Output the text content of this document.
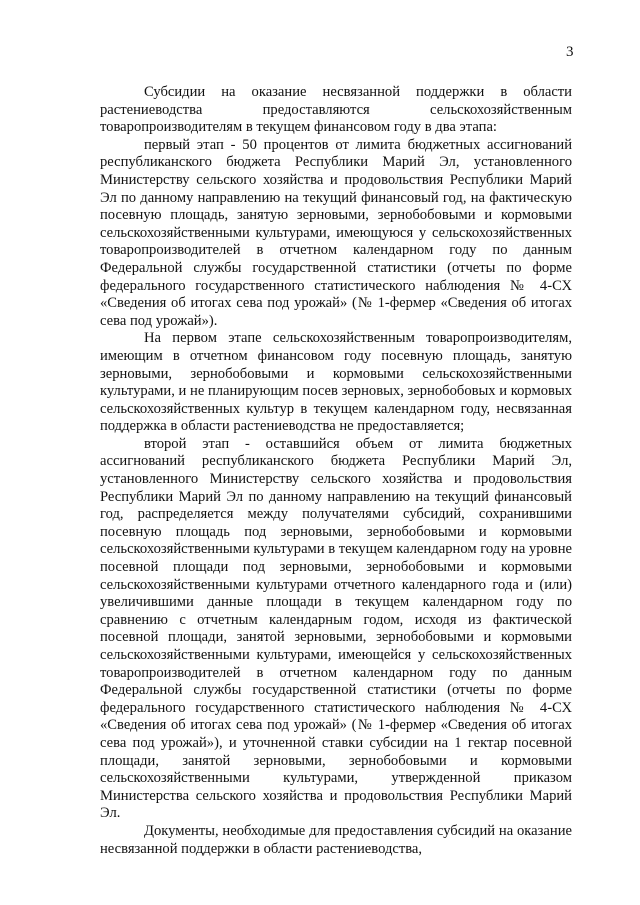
3

Субсидии на оказание несвязанной поддержки в области растениеводства предоставляются сельскохозяйственным товаропроизводителям в текущем финансовом году в два этапа:

первый этап - 50 процентов от лимита бюджетных ассигнований республиканского бюджета Республики Марий Эл, установленного Министерству сельского хозяйства и продовольствия Республики Марий Эл по данному направлению на текущий финансовый год, на фактическую посевную площадь, занятую зерновыми, зернобобовыми и кормовыми сельскохозяйственными культурами, имеющуюся у сельскохозяйственных товаропроизводителей в отчетном календарном году по данным Федеральной службы государственной статистики (отчеты по форме федерального государственного статистического наблюдения № 4-СХ «Сведения об итогах сева под урожай» (№ 1-фермер «Сведения об итогах сева под урожай»).

На первом этапе сельскохозяйственным товаропроизводителям, имеющим в отчетном финансовом году посевную площадь, занятую зерновыми, зернобобовыми и кормовыми сельскохозяйственными культурами, и не планирующим посев зерновых, зернобобовых и кормовых сельскохозяйственных культур в текущем календарном году, несвязанная поддержка в области растениеводства не предоставляется;

второй этап - оставшийся объем от лимита бюджетных ассигнований республиканского бюджета Республики Марий Эл, установленного Министерству сельского хозяйства и продовольствия Республики Марий Эл по данному направлению на текущий финансовый год, распределяется между получателями субсидий, сохранившими посевную площадь под зерновыми, зернобобовыми и кормовыми сельскохозяйственными культурами в текущем календарном году на уровне посевной площади под зерновыми, зернобобовыми и кормовыми сельскохозяйственными культурами отчетного календарного года и (или) увеличившими данные площади в текущем календарном году по сравнению с отчетным календарным годом, исходя из фактической посевной площади, занятой зерновыми, зернобобовыми и кормовыми сельскохозяйственными культурами, имеющейся у сельскохозяйственных товаропроизводителей в отчетном календарном году по данным Федеральной службы государственной статистики (отчеты по форме федерального государственного статистического наблюдения № 4-СХ «Сведения об итогах сева под урожай» (№ 1-фермер «Сведения об итогах сева под урожай»), и уточненной ставки субсидии на 1 гектар посевной площади, занятой зерновыми, зернобобовыми и кормовыми сельскохозяйственными культурами, утвержденной приказом Министерства сельского хозяйства и продовольствия Республики Марий Эл.

Документы, необходимые для предоставления субсидий на оказание несвязанной поддержки в области растениеводства,
